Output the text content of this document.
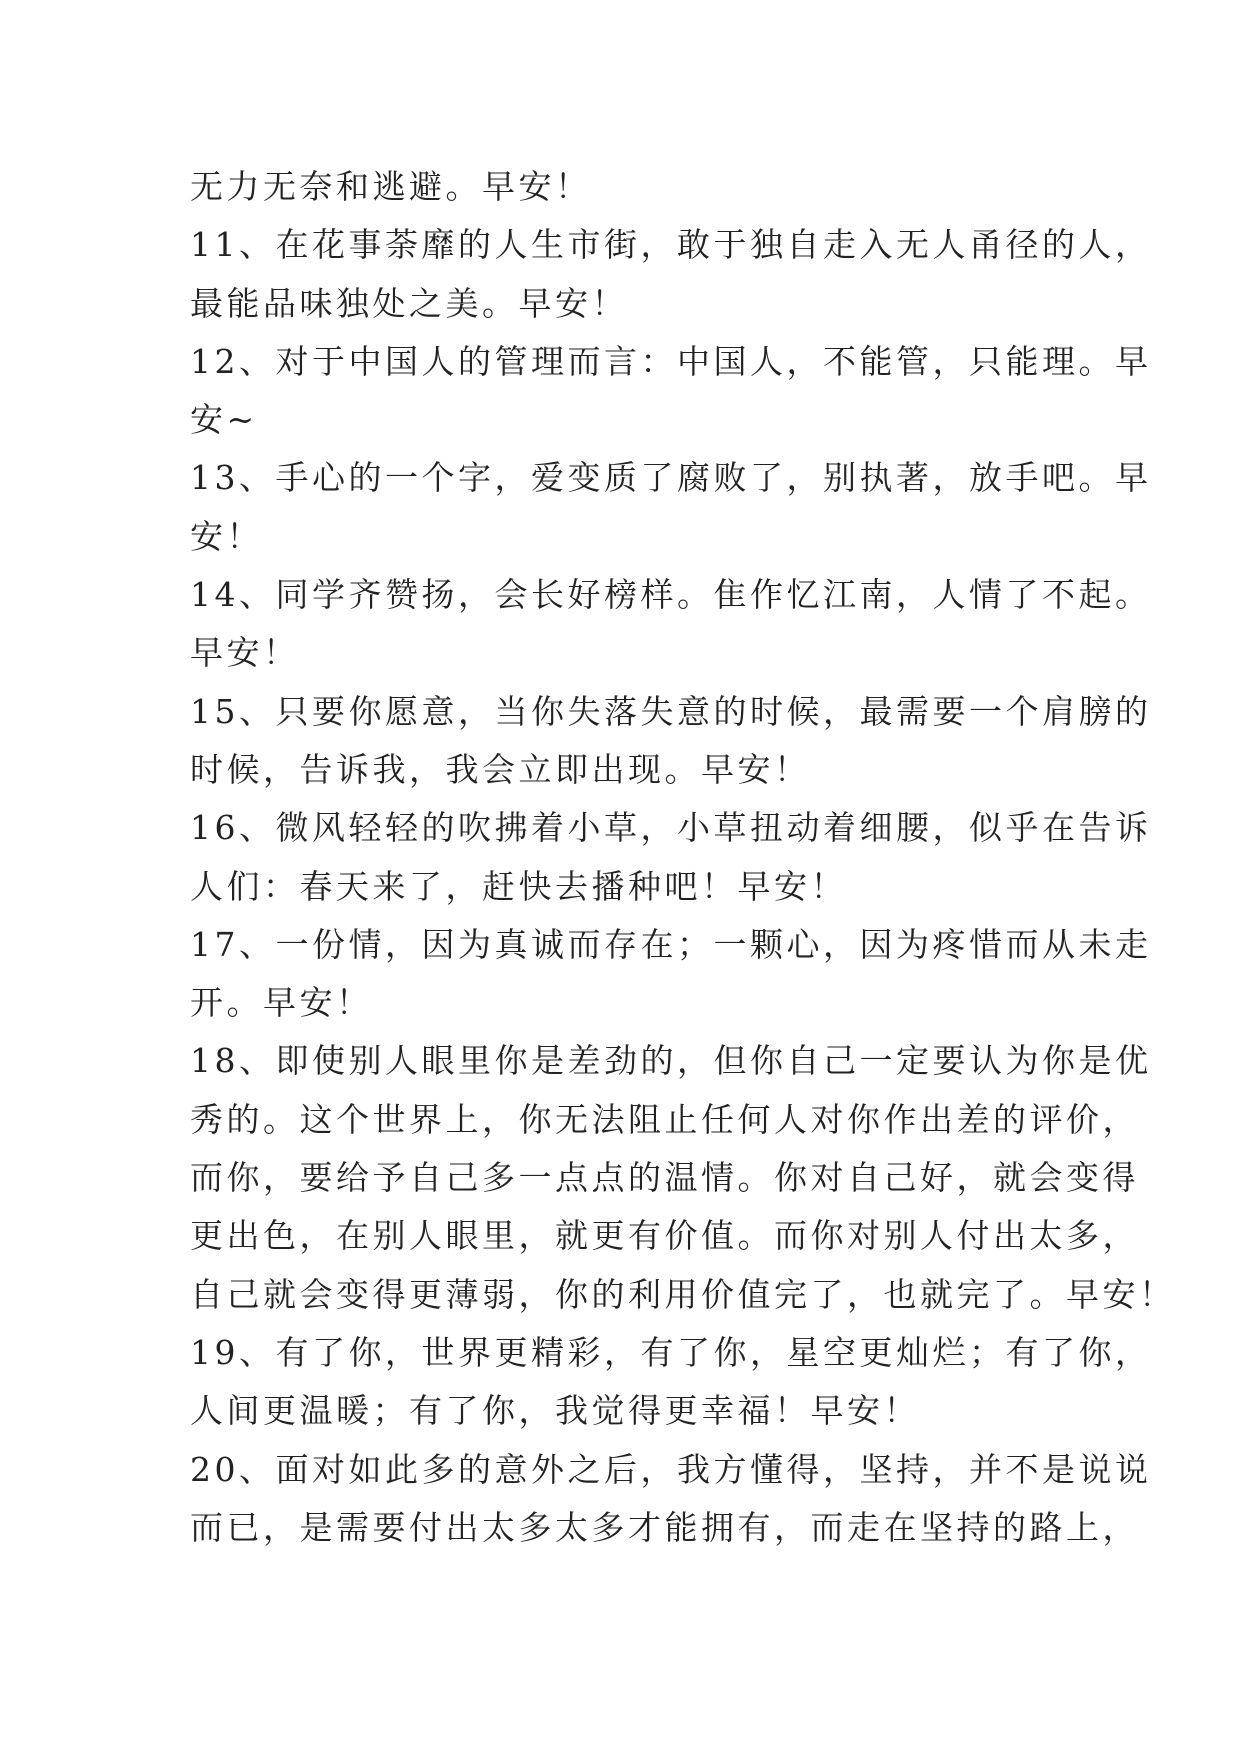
无力无奈和逃避。早安！
11、在花事荼靡的人生市街，敢于独自走入无人甬径的人，
最能品味独处之美。早安！
12、对于中国人的管理而言：中国人，不能管，只能理。早
安~
13、手心的一个字，爱变质了腐败了，别执著，放手吧。早
安！
14、同学齐赞扬，会长好榜样。隹作忆江南，人情了不起。
早安！
15、只要你愿意，当你失落失意的时候，最需要一个肩膀的
时候，告诉我，我会立即出现。早安！
16、微风轻轻的吹拂着小草，小草扭动着细腰，似乎在告诉
人们：春天来了，赶快去播种吧！早安！
17、一份情，因为真诚而存在；一颗心，因为疼惜而从未走
开。早安！
18、即使别人眼里你是差劲的，但你自己一定要认为你是优
秀的。这个世界上，你无法阻止任何人对你作出差的评价，
而你，要给予自己多一点点的温情。你对自己好，就会变得
更出色，在别人眼里，就更有价值。而你对别人付出太多，
自己就会变得更薄弱，你的利用价值完了，也就完了。早安！
19、有了你，世界更精彩，有了你，星空更灿烂；有了你，
人间更温暖；有了你，我觉得更幸福！早安！
20、面对如此多的意外之后，我方懂得，坚持，并不是说说
而已，是需要付出太多太多才能拥有，而走在坚持的路上，
